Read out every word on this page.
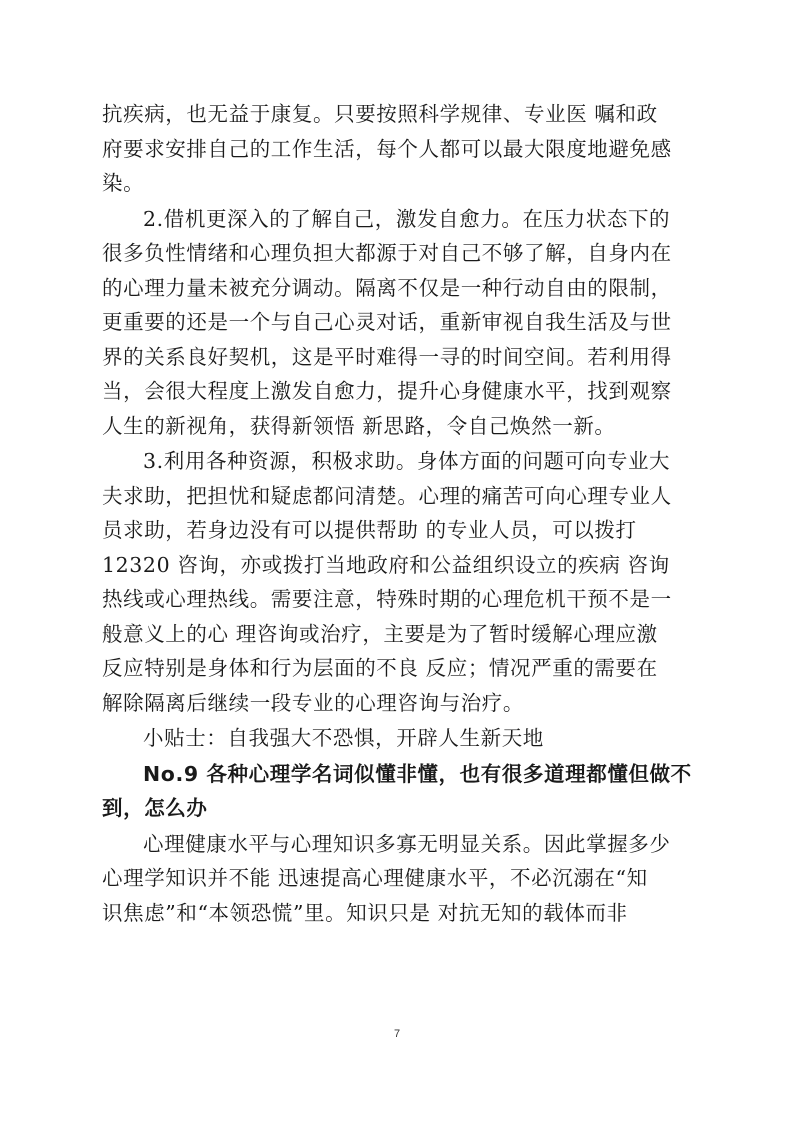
抗疾病，也无益于康复。只要按照科学规律、专业医 嘱和政
府要求安排自己的工作生活，每个人都可以最大限度地避免感
染。
2.借机更深入的了解自己，激发自愈力。在压力状态下的
很多负性情绪和心理负担大都源于对自己不够了解，自身内在
的心理力量未被充分调动。隔离不仅是一种行动自由的限制，
更重要的还是一个与自己心灵对话，重新审视自我生活及与世
界的关系良好契机，这是平时难得一寻的时间空间。若利用得
当，会很大程度上激发自愈力，提升心身健康水平，找到观察
人生的新视角，获得新领悟 新思路，令自己焕然一新。
3.利用各种资源，积极求助。身体方面的问题可向专业大
夫求助，把担忧和疑虑都问清楚。心理的痛苦可向心理专业人
员求助，若身边没有可以提供帮助 的专业人员，可以拨打
12320 咨询，亦或拨打当地政府和公益组织设立的疾病 咨询
热线或心理热线。需要注意，特殊时期的心理危机干预不是一
般意义上的心 理咨询或治疗，主要是为了暂时缓解心理应激
反应特别是身体和行为层面的不良 反应；情况严重的需要在
解除隔离后继续一段专业的心理咨询与治疗。
小贴士：自我强大不恐惧，开辟人生新天地
No.9 各种心理学名词似懂非懂，也有很多道理都懂但做不
到，怎么办
心理健康水平与心理知识多寡无明显关系。因此掌握多少
心理学知识并不能 迅速提高心理健康水平，不必沉溺在“知
识焦虑”和“本领恐慌”里。知识只是 对抗无知的载体而非
7
